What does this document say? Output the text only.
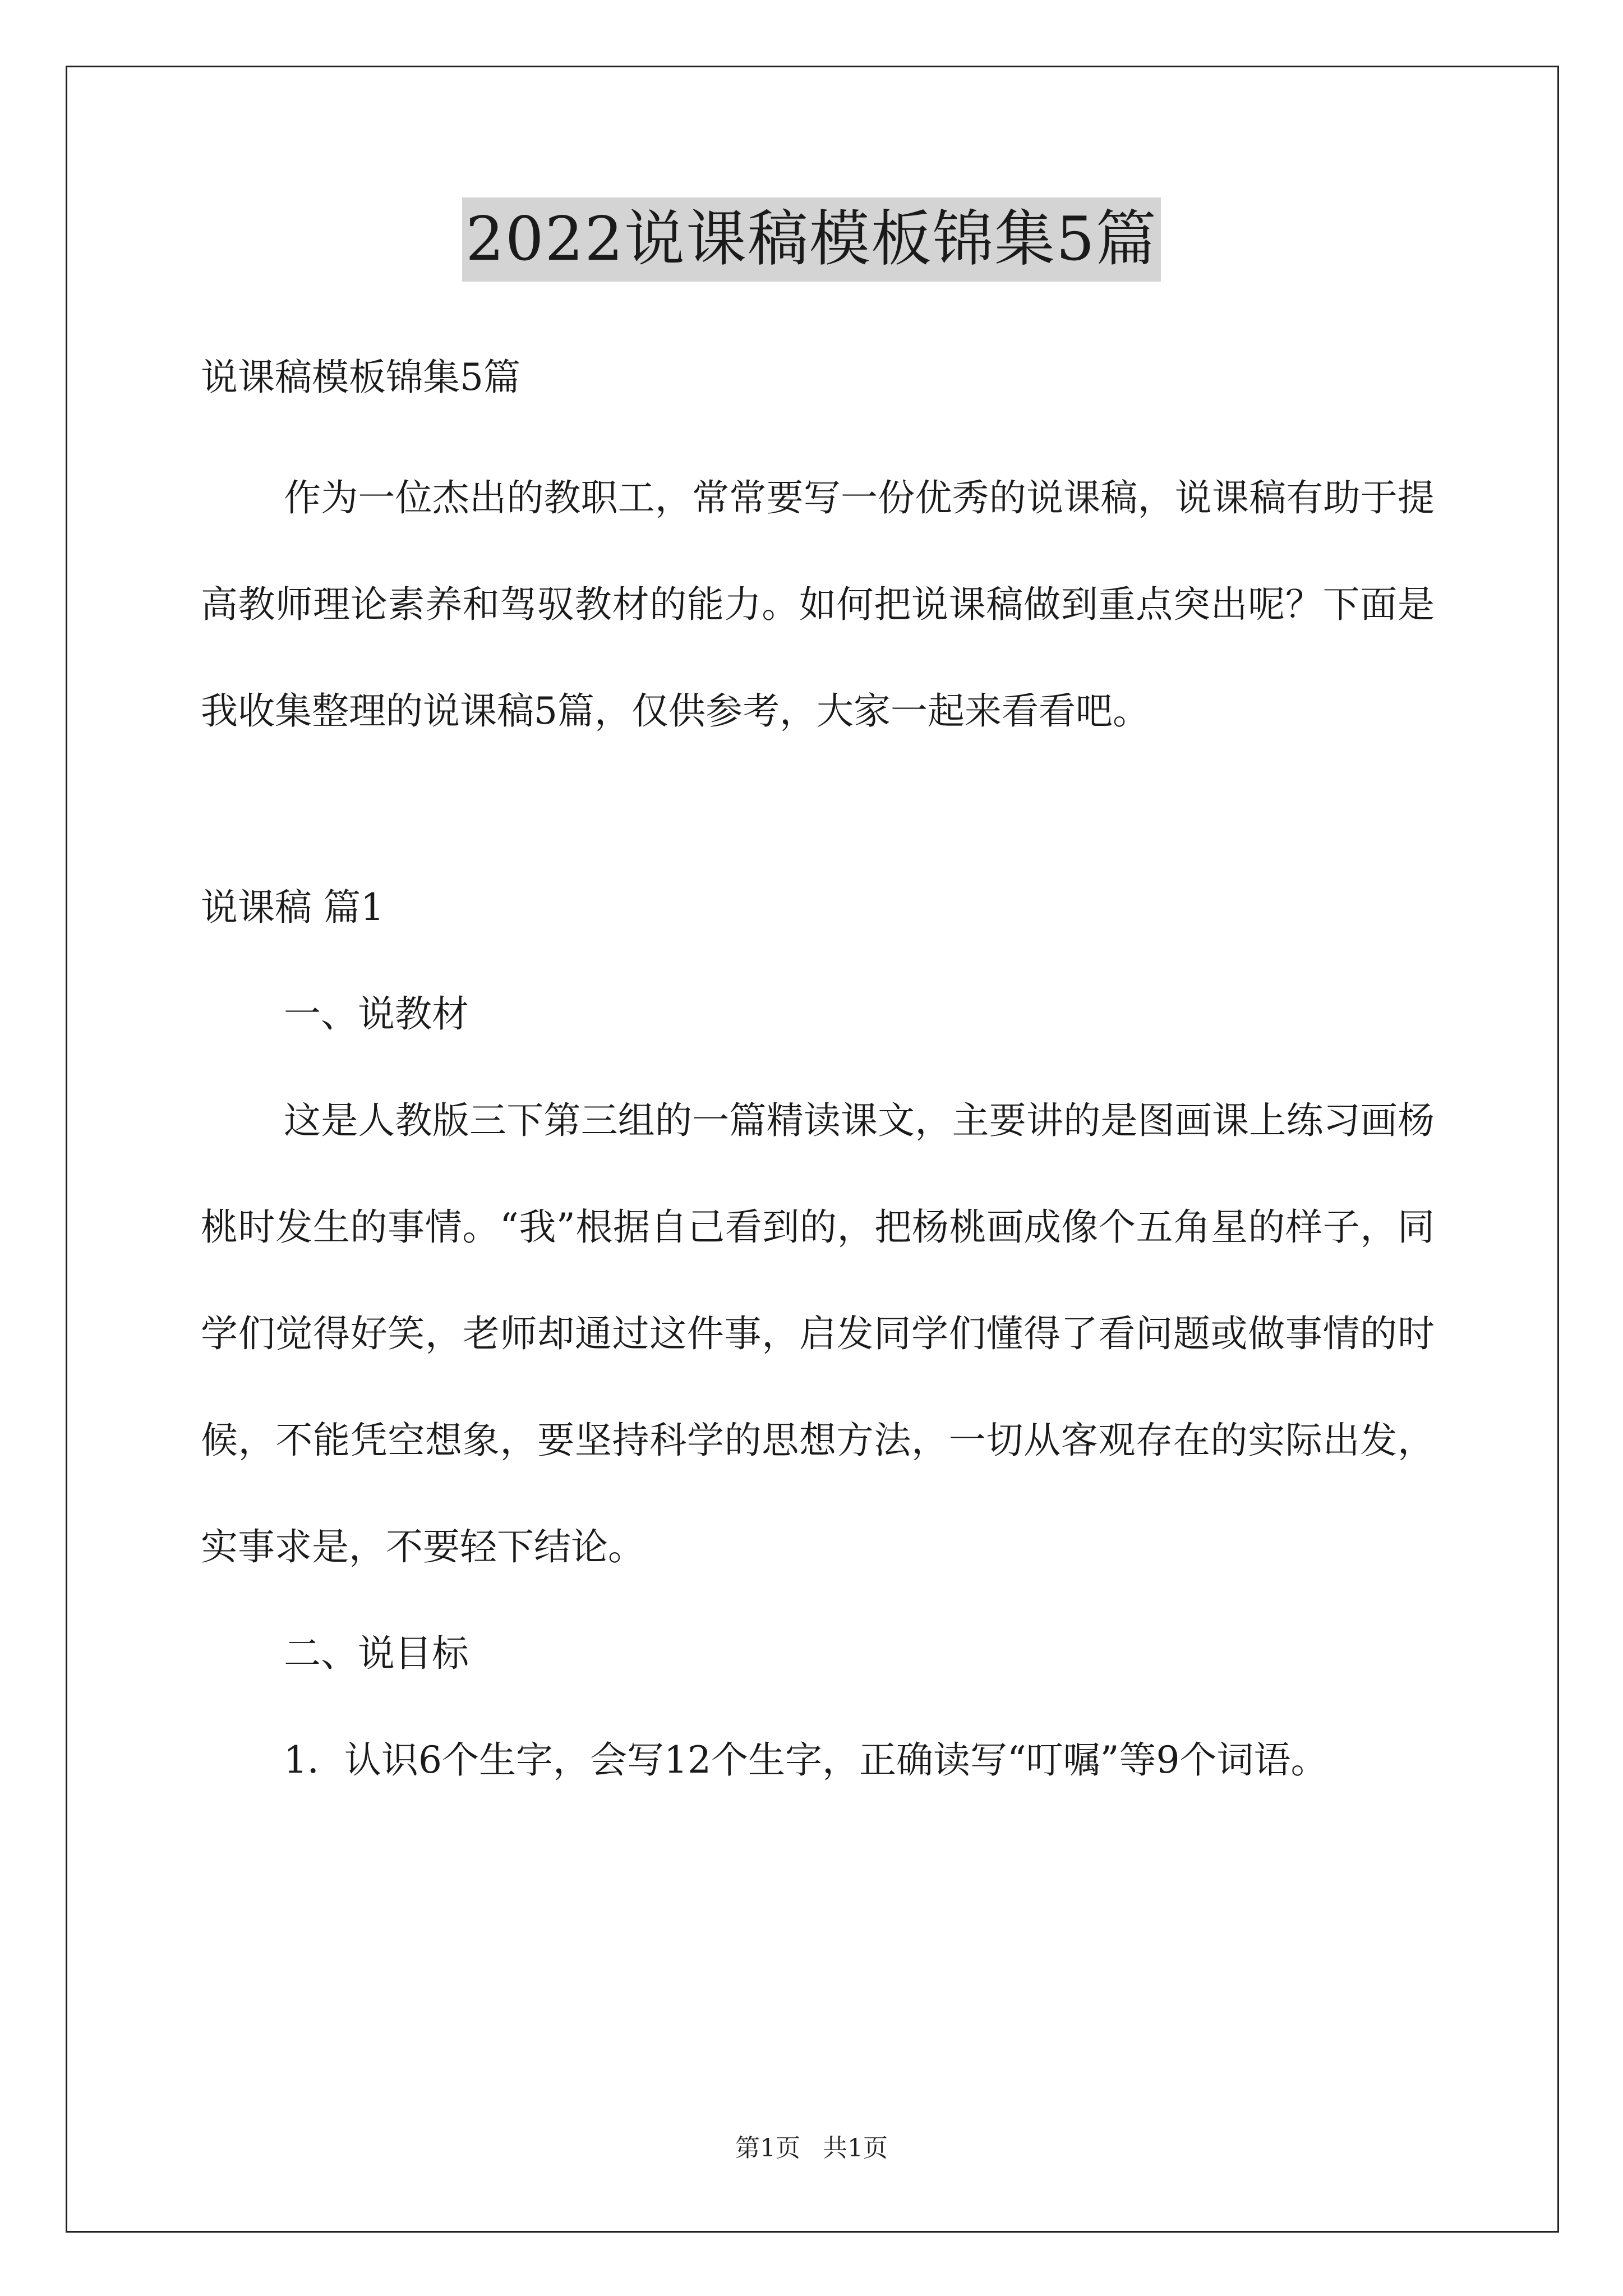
2022说课稿模板锦集5篇

说课稿模板锦集5篇

作为一位杰出的教职工，常常要写一份优秀的说课稿，说课稿有助于提高教师理论素养和驾驭教材的能力。如何把说课稿做到重点突出呢？下面是我收集整理的说课稿5篇，仅供参考，大家一起来看看吧。

说课稿 篇1

一、说教材

这是人教版三下第三组的一篇精读课文，主要讲的是图画课上练习画杨桃时发生的事情。“我”根据自己看到的，把杨桃画成像个五角星的样子，同学们觉得好笑，老师却通过这件事，启发同学们懂得了看问题或做事情的时候，不能凭空想象，要坚持科学的思想方法，一切从客观存在的实际出发，实事求是，不要轻下结论。

二、说目标

1．认识6个生字，会写12个生字，正确读写“叮嘱”等9个词语。

第1页 共1页
